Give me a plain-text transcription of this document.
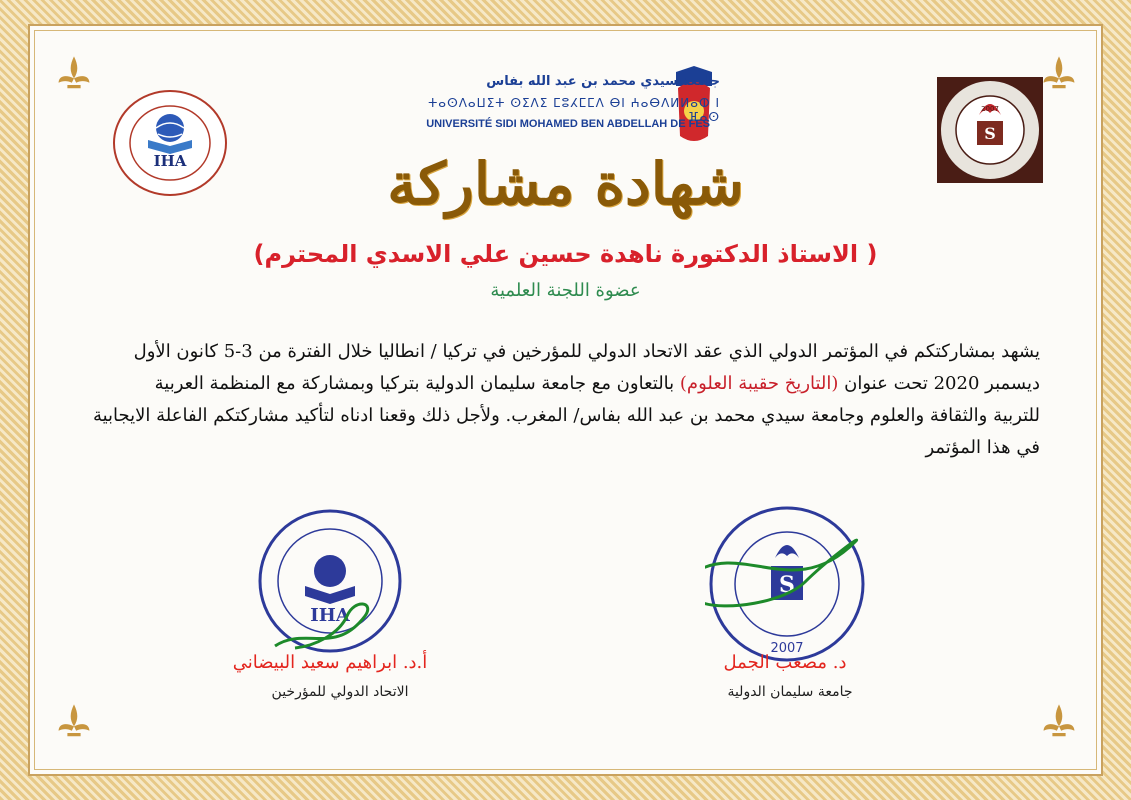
IHA
S
2007
جامعة سيدي محمد بن عبد الله بفاس
ⵜⴰⵙⴷⴰⵡⵉⵜ ⵙⵉⴷⵉ ⵎⵓⵃⵎⵎⴷ ⴱⵏ ⵄⴰⴱⴷⵍⵍⴰⵀ ⵏ ⴼⴰⵙ
UNIVERSITÉ SIDI MOHAMED BEN ABDELLAH DE FES
شهادة مشاركة
( الاستاذ الدكتورة ناهدة حسين علي الاسدي المحترم)
عضوة اللجنة العلمية
يشهد بمشاركتكم في المؤتمر الدولي الذي عقد الاتحاد الدولي للمؤرخين في تركيا / انطاليا خلال الفترة من 3-5 كانون الأول
ديسمبر 2020 تحت عنوان (التاريخ حقيبة العلوم) بالتعاون مع جامعة سليمان الدولية بتركيا وبمشاركة مع المنظمة العربية
للتربية والثقافة والعلوم وجامعة سيدي محمد بن عبد الله بفاس/ المغرب. ولأجل ذلك وقعنا ادناه لتأكيد مشاركتكم الفاعلة الايجابية
في هذا المؤتمر
IHA
S
2007
أ.د. ابراهيم سعيد البيضاني
الاتحاد الدولي للمؤرخين
د. مصعب الجمل
جامعة سليمان الدولية
